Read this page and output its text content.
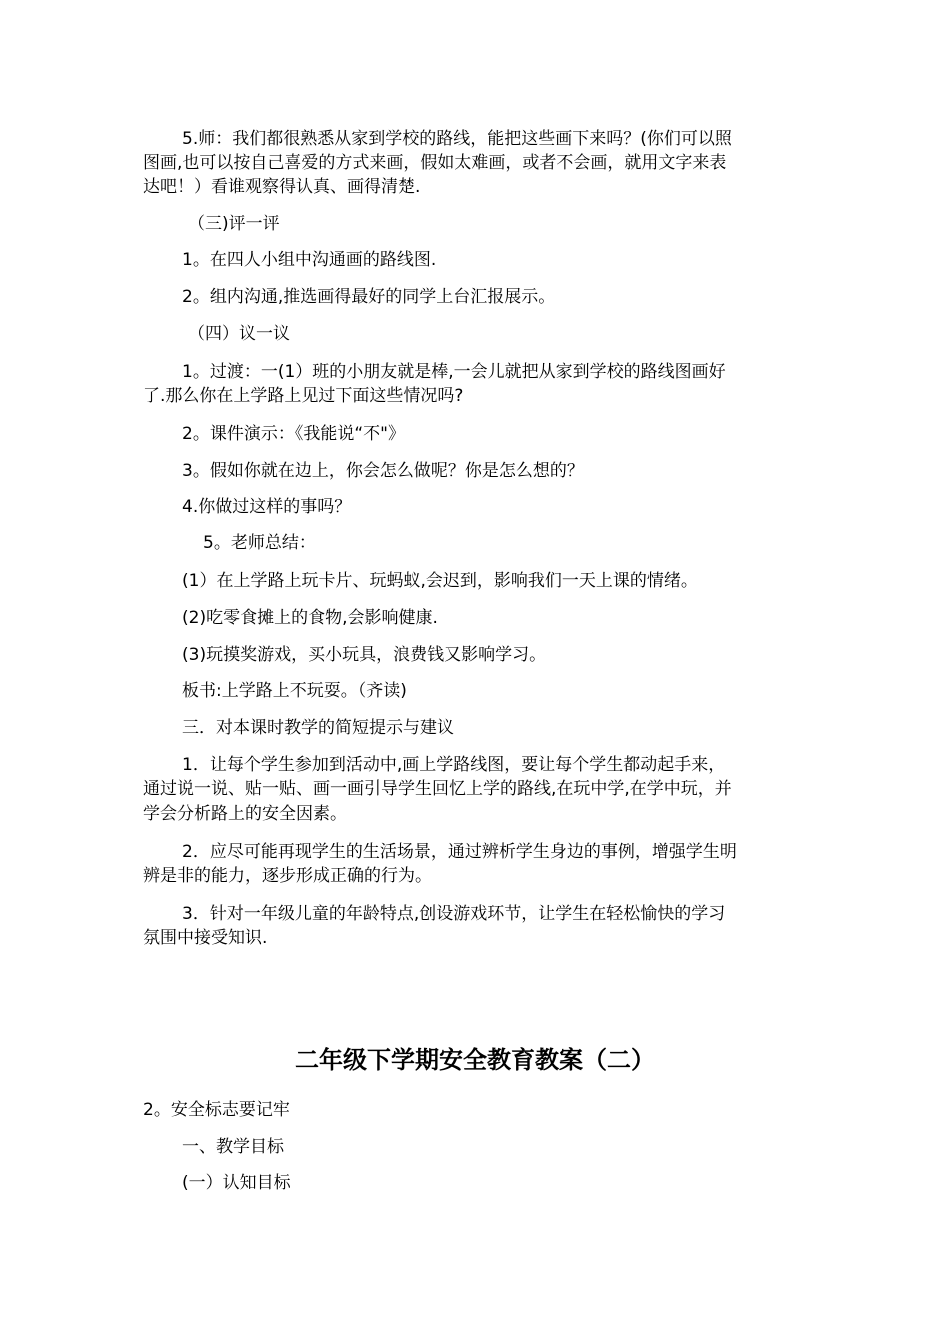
5.师：我们都很熟悉从家到学校的路线，能把这些画下来吗？(你们可以照
图画,也可以按自己喜爱的方式来画，假如太难画，或者不会画，就用文字来表
达吧！）看谁观察得认真、画得清楚.
（三)评一评
1。在四人小组中沟通画的路线图.
2。组内沟通,推选画得最好的同学上台汇报展示。
（四）议一议
1。过渡：一(1）班的小朋友就是棒,一会儿就把从家到学校的路线图画好
了.那么你在上学路上见过下面这些情况吗?
2。课件演示：《我能说“不"》
3。假如你就在边上，你会怎么做呢？你是怎么想的？
4.你做过这样的事吗？
5。老师总结：
(1）在上学路上玩卡片、玩蚂蚁,会迟到，影响我们一天上课的情绪。
(2)吃零食摊上的食物,会影响健康.
(3)玩摸奖游戏，买小玩具，浪费钱又影响学习。
板书:上学路上不玩耍。（齐读)
三．对本课时教学的简短提示与建议
1．让每个学生参加到活动中,画上学路线图，要让每个学生都动起手来，
通过说一说、贴一贴、画一画引导学生回忆上学的路线,在玩中学,在学中玩，并
学会分析路上的安全因素。
2．应尽可能再现学生的生活场景，通过辨析学生身边的事例，增强学生明
辨是非的能力，逐步形成正确的行为。
3．针对一年级儿童的年龄特点,创设游戏环节，让学生在轻松愉快的学习
氛围中接受知识.
二年级下学期安全教育教案（二）
2。安全标志要记牢
一、教学目标
(一）认知目标
